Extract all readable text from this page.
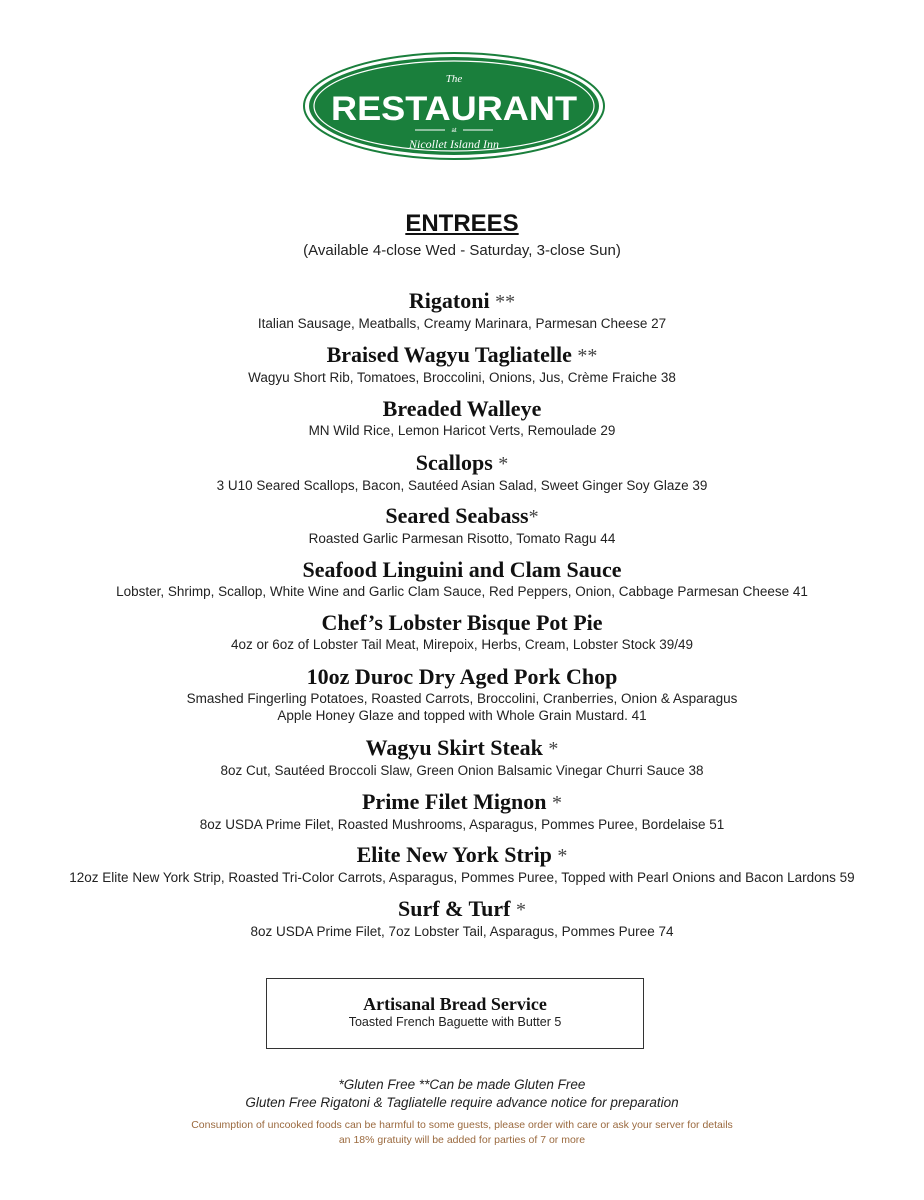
The
RESTAURANT
at
Nicollet Island Inn
ENTREES
(Available 4-close Wed - Saturday, 3-close Sun)
Rigatoni **
Italian Sausage, Meatballs, Creamy Marinara, Parmesan Cheese 27
Braised Wagyu Tagliatelle **
Wagyu Short Rib, Tomatoes, Broccolini, Onions, Jus, Crème Fraiche 38
Breaded Walleye
MN Wild Rice, Lemon Haricot Verts, Remoulade 29
Scallops *
3 U10 Seared Scallops, Bacon, Sautéed Asian Salad, Sweet Ginger Soy Glaze 39
Seared Seabass*
Roasted Garlic Parmesan Risotto, Tomato Ragu 44
Seafood Linguini and Clam Sauce
Lobster, Shrimp, Scallop, White Wine and Garlic Clam Sauce, Red Peppers, Onion, Cabbage Parmesan Cheese 41
Chef’s Lobster Bisque Pot Pie
4oz or 6oz of Lobster Tail Meat, Mirepoix, Herbs, Cream, Lobster Stock 39/49
10oz Duroc Dry Aged Pork Chop
Smashed Fingerling Potatoes, Roasted Carrots, Broccolini, Cranberries, Onion & Asparagus
Apple Honey Glaze and topped with Whole Grain Mustard. 41
Wagyu Skirt Steak *
8oz Cut, Sautéed Broccoli Slaw, Green Onion Balsamic Vinegar Churri Sauce 38
Prime Filet Mignon *
8oz USDA Prime Filet, Roasted Mushrooms, Asparagus, Pommes Puree, Bordelaise 51
Elite New York Strip *
12oz Elite New York Strip, Roasted Tri-Color Carrots, Asparagus, Pommes Puree, Topped with Pearl Onions and Bacon Lardons 59
Surf & Turf *
8oz USDA Prime Filet, 7oz Lobster Tail, Asparagus, Pommes Puree 74
Artisanal Bread Service
Toasted French Baguette with Butter 5
*Gluten Free **Can be made Gluten Free
Gluten Free Rigatoni & Tagliatelle require advance notice for preparation
Consumption of uncooked foods can be harmful to some guests, please order with care or ask your server for details
an 18% gratuity will be added for parties of 7 or more
